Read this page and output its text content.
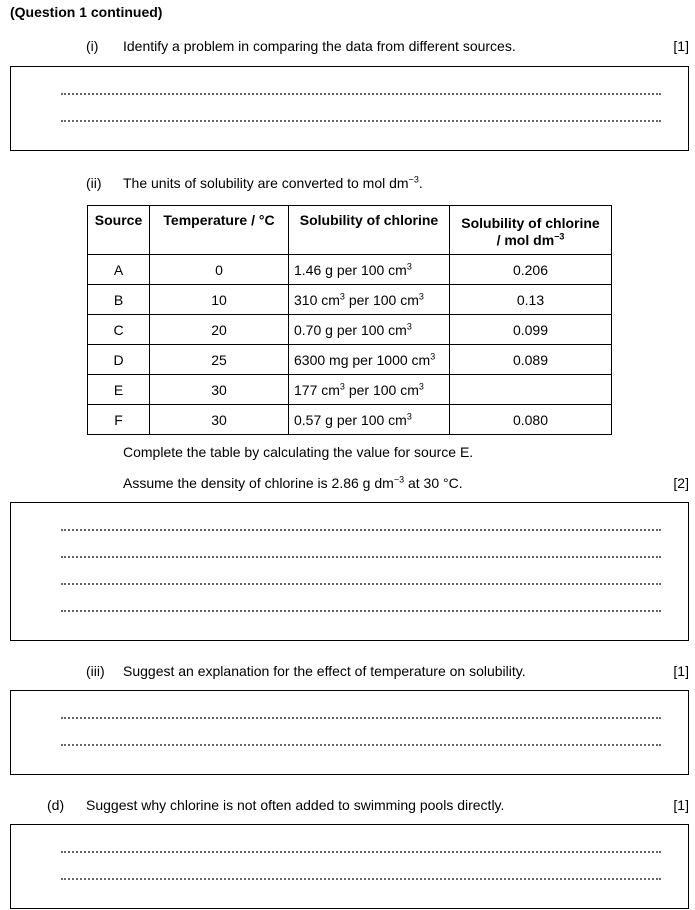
(Question 1 continued)
(i) Identify a problem in comparing the data from different sources.	[1]
(ii) The units of solubility are converted to mol $dm^{-3}$.
Source	Temperature / °C	Solubility of chlorine	Solubility of chlorine
/ mol $dm^{-3}$
A	0	1.46 g per 100 $cm^3$	0.206
B	10	310 $cm^3$ per 100 $cm^3$	0.13
C	20	0.70 g per 100 $cm^3$	0.099
D	25	6300 mg per 1000 $cm^3$	0.089
E	30	177 $cm^3$ per 100 $cm^3$	
F	30	0.57 g per 100 $cm^3$	0.080
Complete the table by calculating the value for source E.
Assume the density of chlorine is 2.86 g $dm^{-3}$ at 30 °C.	[2]
(iii) Suggest an explanation for the effect of temperature on solubility.	[1]
(d) Suggest why chlorine is not often added to swimming pools directly.	[1]
